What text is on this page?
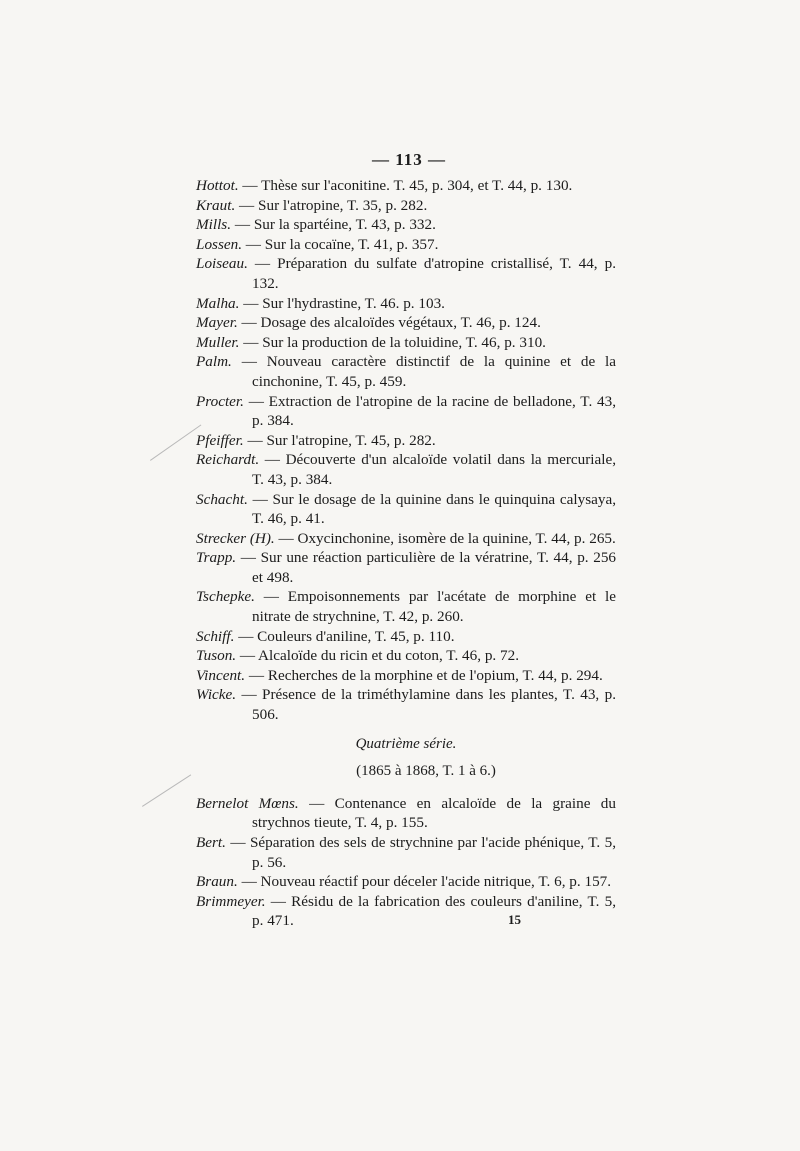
— 113 —
Hottot. — Thèse sur l'aconitine. T. 45, p. 304, et T. 44, p. 130.
Kraut. — Sur l'atropine, T. 35, p. 282.
Mills. — Sur la spartéine, T. 43, p. 332.
Lossen. — Sur la cocaïne, T. 41, p. 357.
Loiseau. — Préparation du sulfate d'atropine cristallisé, T. 44, p. 132.
Malha. — Sur l'hydrastine, T. 46. p. 103.
Mayer. — Dosage des alcaloïdes végétaux, T. 46, p. 124.
Muller. — Sur la production de la toluidine, T. 46, p. 310.
Palm. — Nouveau caractère distinctif de la quinine et de la cinchonine, T. 45, p. 459.
Procter. — Extraction de l'atropine de la racine de belladone, T. 43, p. 384.
Pfeiffer. — Sur l'atropine, T. 45, p. 282.
Reichardt. — Découverte d'un alcaloïde volatil dans la mercuriale, T. 43, p. 384.
Schacht. — Sur le dosage de la quinine dans le quinquina calysaya, T. 46, p. 41.
Strecker (H). — Oxycinchonine, isomère de la quinine, T. 44, p. 265.
Trapp. — Sur une réaction particulière de la vératrine, T. 44, p. 256 et 498.
Tschepke. — Empoisonnements par l'acétate de morphine et le nitrate de strychnine, T. 42, p. 260.
Schiff. — Couleurs d'aniline, T. 45, p. 110.
Tuson. — Alcaloïde du ricin et du coton, T. 46, p. 72.
Vincent. — Recherches de la morphine et de l'opium, T. 44, p. 294.
Wicke. — Présence de la triméthylamine dans les plantes, T. 43, p. 506.
Quatrième série.
(1865 à 1868, T. 1 à 6.)
Bernelot Mœns. — Contenance en alcaloïde de la graine du strychnos tieute, T. 4, p. 155.
Bert. — Séparation des sels de strychnine par l'acide phénique, T. 5, p. 56.
Braun. — Nouveau réactif pour déceler l'acide nitrique, T. 6, p. 157.
Brimmeyer. — Résidu de la fabrication des couleurs d'aniline, T. 5, p. 471.	15
